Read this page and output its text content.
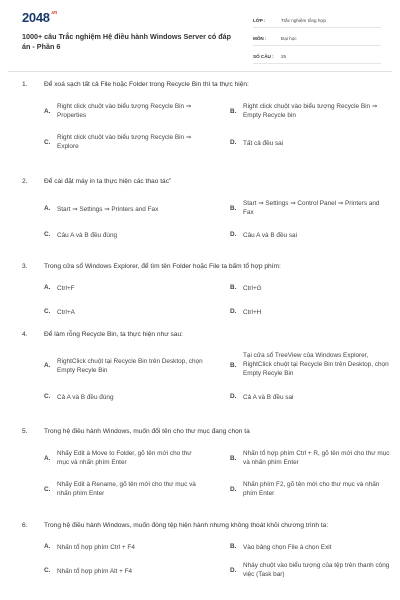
$2048^{.vn}$
1000+ câu Trắc nghiệm Hệ điều hành Windows Server có đáp án - Phần 6
LỚP :	Trắc nghiệm tổng hợp
MÔN :	Đại học
SỐ CÂU :	25
1.	Để xoá sạch tất cả File hoặc Folder trong Recycle Bin thì ta thực hiện:
A.
Right click chuột vào biểu tượng Recycle Bin ⇒ Properties
B.
Right click chuột vào biểu tượng Recycle Bin ⇒ Empty Recycle bin
C.
Right click chuột vào biểu tượng Recycle Bin ⇒ Explore
D. Tất cả đều sai
2.	Để cài đặt máy in ta thực hiện các thao tác”
A. Start ⇒ Settings ⇒ Printers and Fax	B.
Start ⇒ Settings ⇒ Control Panel ⇒ Printers and Fax
C. Câu A và B đều đúng	D. Câu A và B đều sai
3.	Trong cửa sổ Windows Explorer, để tìm tên Folder hoặc File ta bấm tổ hợp phím:
A. Ctrl+F	B. Ctrl+G
C. Ctrl+A	D. Ctrl+H
4.	Để làm rỗng Recycle Bin, ta thực hiện như sau:
A.
RightClick chuột tại Recycle Bin trên Desktop, chọn Empty Recyle Bin
B.
Tại cửa sổ TreeView của Windows Explorer, RightClick chuột tại Recycle Bin trên Desktop, chọn Empty Recyle Bin
C. Cả A và B đều đúng	D. Cả A và B đều sai
5.	Trong hệ điều hành Windows, muốn đổi tên cho thư mục đang chọn ta
A.
Nhấy Edit à Move to Folder, gõ tên mới cho thư mục và nhấn phím Enter
B.
Nhấn tổ hợp phím Ctrl + R, gõ tên mới cho thư mục và nhấn phím Enter
C.
Nhấy Edit à Rename, gõ tên mới cho thư mục và nhấn phím Enter
D.
Nhấn phím F2, gõ tên mới cho thư mục và nhấn phím Enter
6.	Trong hệ điều hành Windows, muốn đóng tệp hiện hành nhưng không thoát khỏi chương trình ta:
A. Nhấn tổ hợp phím Ctrl + F4	B. Vào bảng chọn File à chọn Exit
C. Nhấn tổ hợp phím Alt + F4	D.
Nháy chuột vào biểu tượng của tệp trên thanh công việc (Task bar)
